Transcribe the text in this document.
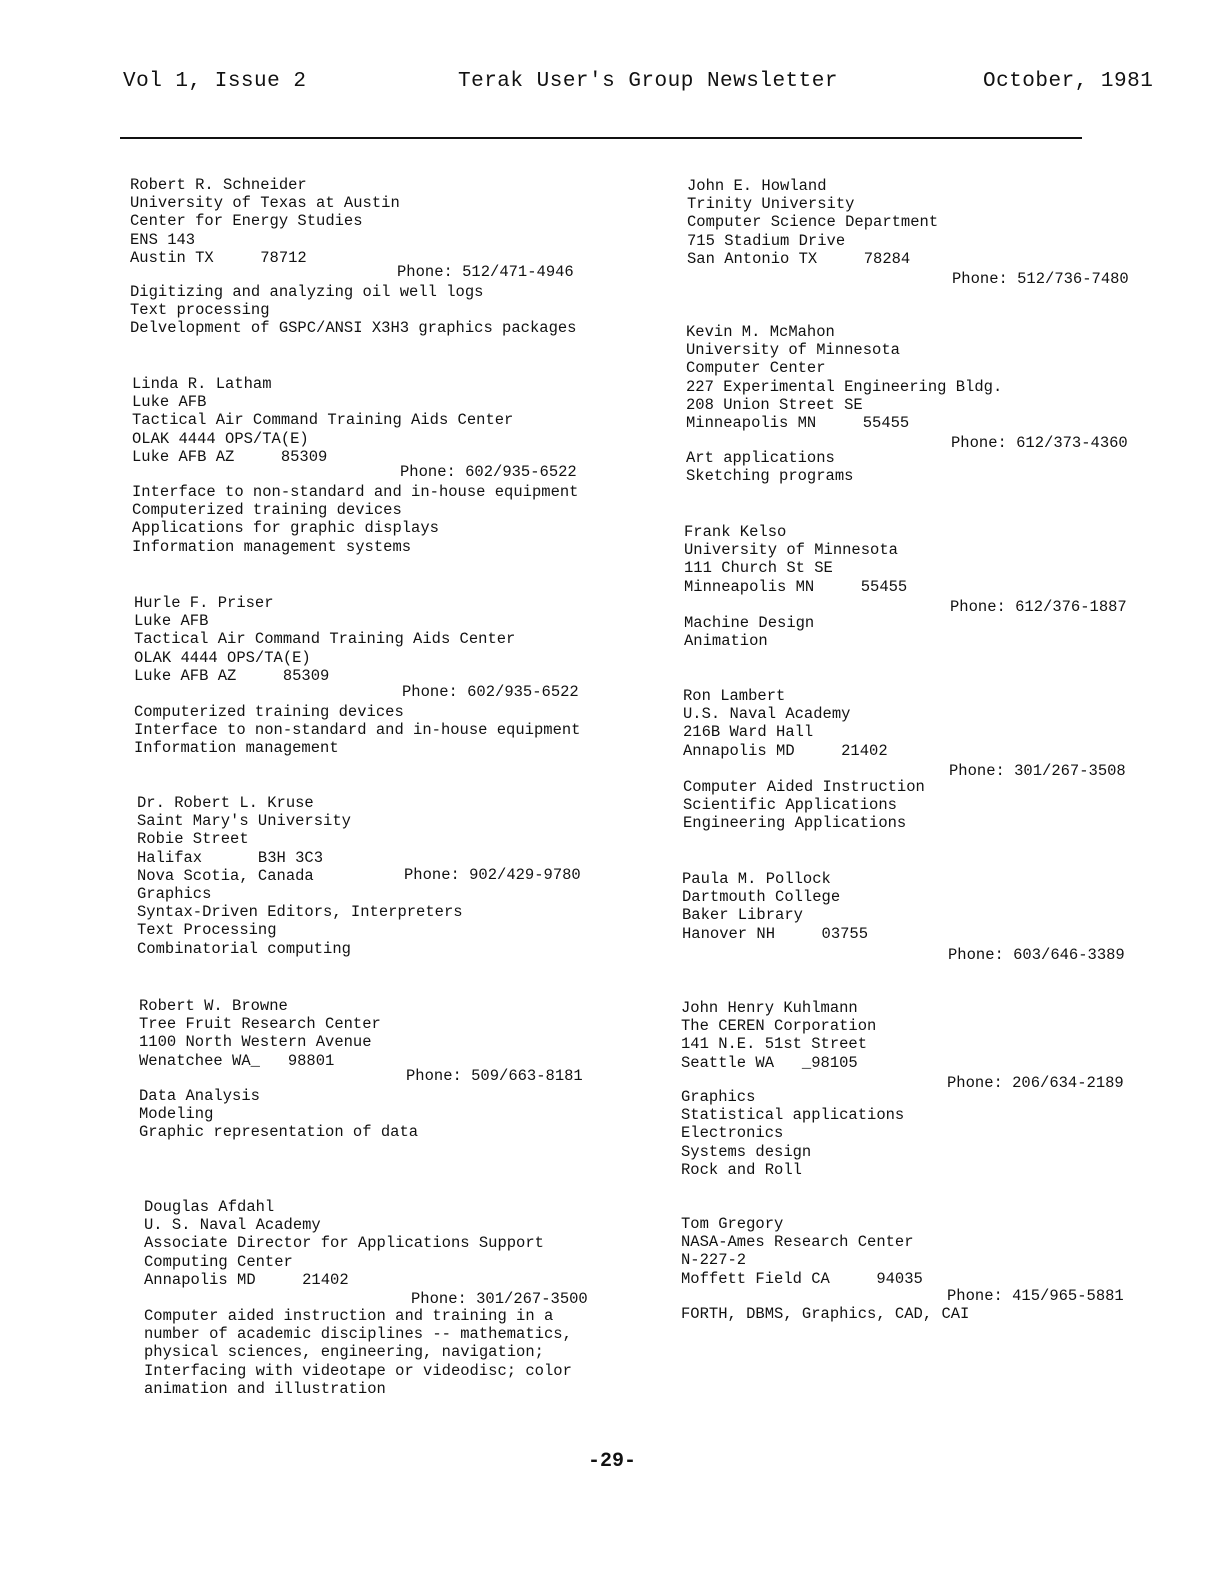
Vol 1, Issue 2	Terak User's Group Newsletter	October, 1981
Robert R. Schneider
University of Texas at Austin
Center for Energy Studies
ENS 143
Austin TX     78712
Phone: 512/471-4946
Digitizing and analyzing oil well logs
Text processing
Delvelopment of GSPC/ANSI X3H3 graphics packages
Linda R. Latham
Luke AFB
Tactical Air Command Training Aids Center
OLAK 4444 OPS/TA(E)
Luke AFB AZ     85309
Phone: 602/935-6522
Interface to non-standard and in-house equipment
Computerized training devices
Applications for graphic displays
Information management systems
Hurle F. Priser
Luke AFB
Tactical Air Command Training Aids Center
OLAK 4444 OPS/TA(E)
Luke AFB AZ     85309
Phone: 602/935-6522
Computerized training devices
Interface to non-standard and in-house equipment
Information management
Dr. Robert L. Kruse
Saint Mary's University
Robie Street
Halifax      B3H 3C3
Nova Scotia, Canada	Phone: 902/429-9780
Graphics
Syntax-Driven Editors, Interpreters
Text Processing
Combinatorial computing
Robert W. Browne
Tree Fruit Research Center
1100 North Western Avenue
Wenatchee WA_   98801
Phone: 509/663-8181
Data Analysis
Modeling
Graphic representation of data
Douglas Afdahl
U. S. Naval Academy
Associate Director for Applications Support
Computing Center
Annapolis MD     21402
Phone: 301/267-3500
Computer aided instruction and training in a
number of academic disciplines -- mathematics,
physical sciences, engineering, navigation;
Interfacing with videotape or videodisc; color
animation and illustration
John E. Howland
Trinity University
Computer Science Department
715 Stadium Drive
San Antonio TX     78284
Phone: 512/736-7480
Kevin M. McMahon
University of Minnesota
Computer Center
227 Experimental Engineering Bldg.
208 Union Street SE
Minneapolis MN     55455
Phone: 612/373-4360
Art applications
Sketching programs
Frank Kelso
University of Minnesota
111 Church St SE
Minneapolis MN     55455
Phone: 612/376-1887
Machine Design
Animation
Ron Lambert
U.S. Naval Academy
216B Ward Hall
Annapolis MD     21402
Phone: 301/267-3508
Computer Aided Instruction
Scientific Applications
Engineering Applications
Paula M. Pollock
Dartmouth College
Baker Library
Hanover NH     03755
Phone: 603/646-3389
John Henry Kuhlmann
The CEREN Corporation
141 N.E. 51st Street
Seattle WA   _98105
Phone: 206/634-2189
Graphics
Statistical applications
Electronics
Systems design
Rock and Roll
Tom Gregory
NASA-Ames Research Center
N-227-2
Moffett Field CA     94035
Phone: 415/965-5881
FORTH, DBMS, Graphics, CAD, CAI
-29-
